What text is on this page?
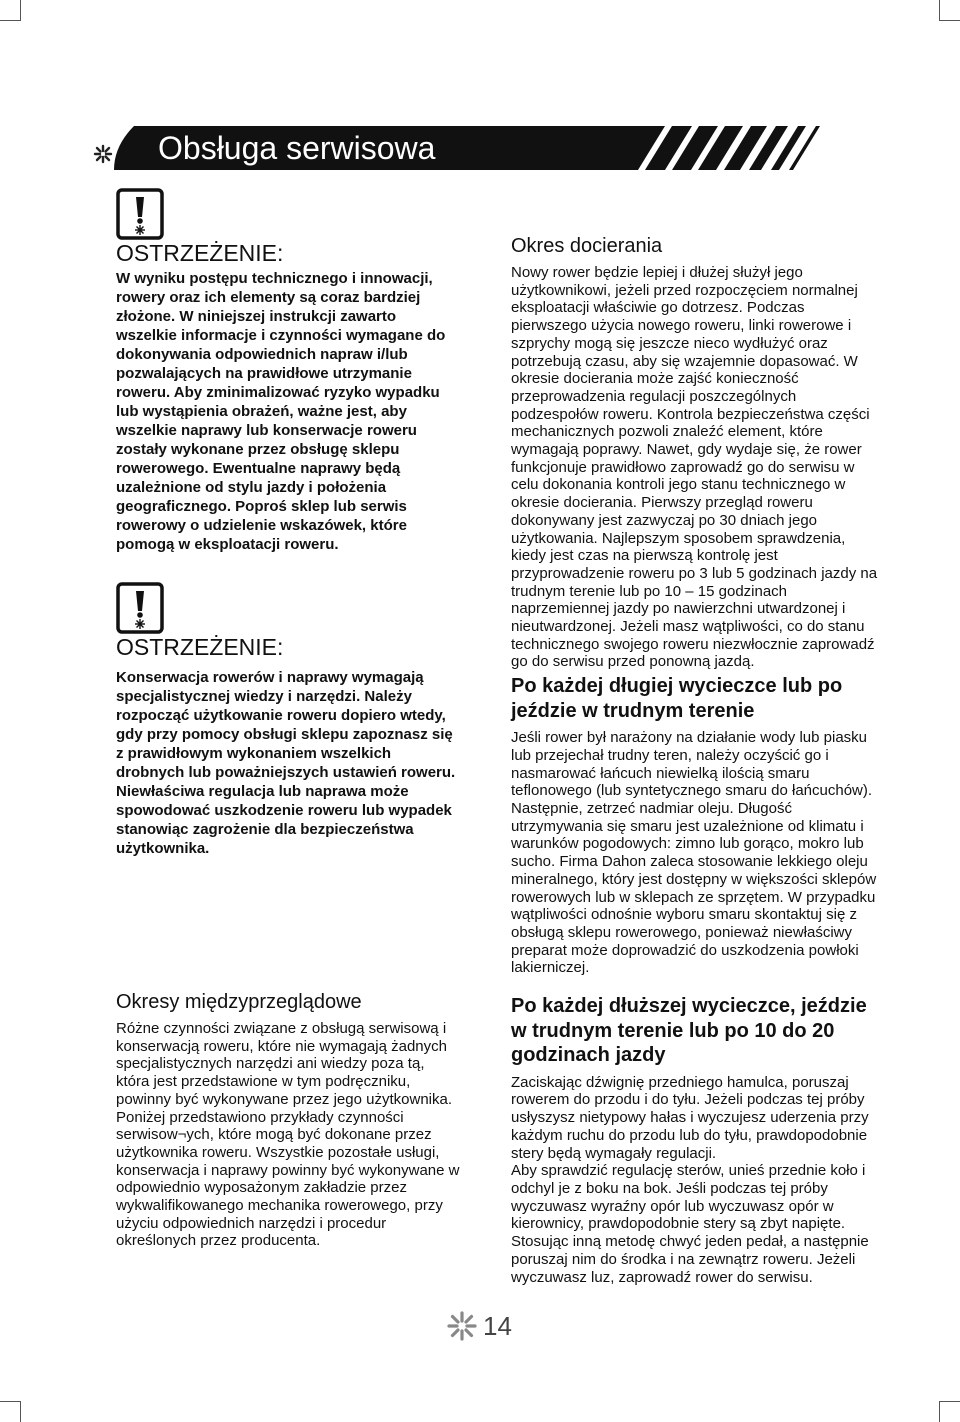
Obsługa serwisowa
OSTRZEŻENIE:

W wyniku postępu technicznego i innowacji, rowery oraz ich elementy są coraz bardziej złożone. W niniejszej instrukcji zawarto wszelkie informacje i czynności wymagane do dokonywania odpowiednich napraw i/lub pozwalających na prawidłowe utrzymanie roweru. Aby zminimalizować ryzyko wypadku lub wystąpienia obrażeń, ważne jest, aby wszelkie naprawy lub konserwacje roweru zostały wykonane przez obsługę sklepu rowerowego. Ewentualne naprawy będą uzależnione od stylu jazdy i położenia geograficznego. Poproś sklep lub serwis rowerowy o udzielenie wskazówek, które pomogą w eksploatacji roweru.

OSTRZEŻENIE:

Konserwacja rowerów i naprawy wymagają specjalistycznej wiedzy i narzędzi. Należy rozpocząć użytkowanie roweru dopiero wtedy, gdy przy pomocy obsługi sklepu zapoznasz się z prawidłowym wykonaniem wszelkich drobnych lub poważniejszych ustawień roweru. Niewłaściwa regulacja lub naprawa może spowodować uszkodzenie roweru lub wypadek stanowiąc zagrożenie dla bezpieczeństwa użytkownika.

Okresy międzyprzeglądowe

Różne czynności związane z obsługą serwisową i konserwacją roweru, które nie wymagają żadnych specjalistycznych narzędzi ani wiedzy poza tą, która jest przedstawione w tym podręczniku, powinny być wykonywane przez jego użytkownika. Poniżej przedstawiono przykłady czynności serwisow¬ych, które mogą być dokonane przez użytkownika roweru. Wszystkie pozostałe usługi, konserwacja i naprawy powinny być wykonywane w odpowiednio wyposażonym zakładzie przez wykwalifikowanego mechanika rowerowego, przy użyciu odpowiednich narzędzi i procedur określonych przez producenta.

Okres docierania

Nowy rower będzie lepiej i dłużej służył jego użytkownikowi, jeżeli przed rozpoczęciem normalnej eksploatacji właściwie go dotrzesz. Podczas pierwszego użycia nowego roweru, linki rowerowe i szprychy mogą się jeszcze nieco wydłużyć oraz potrzebują czasu, aby się wzajemnie dopasować. W okresie docierania może zajść konieczność przeprowadzenia regulacji poszczególnych podzespołów roweru. Kontrola bezpieczeństwa części mechanicznych pozwoli znaleźć element, które wymagają poprawy. Nawet, gdy wydaje się, że rower funkcjonuje prawidłowo zaprowadź go do serwisu w celu dokonania kontroli jego stanu technicznego w okresie docierania. Pierwszy przegląd roweru dokonywany jest zazwyczaj po 30 dniach jego użytkowania. Najlepszym sposobem sprawdzenia, kiedy jest czas na pierwszą kontrolę jest przyprowadzenie roweru po 3 lub 5 godzinach jazdy na trudnym terenie lub po 10 – 15 godzinach naprzemiennej jazdy po nawierzchni utwardzonej i nieutwardzonej. Jeżeli masz wątpliwości, co do stanu technicznego swojego roweru niezwłocznie zaprowadź go do serwisu przed ponowną jazdą.

Po każdej długiej wycieczce lub po jeździe w trudnym terenie

Jeśli rower był narażony na działanie wody lub piasku lub przejechał trudny teren, należy oczyścić go i nasmarować łańcuch niewielką ilością smaru teflonowego (lub syntetycznego smaru do łańcuchów). Następnie, zetrzeć nadmiar oleju. Długość utrzymywania się smaru jest uzależnione od klimatu i warunków pogodowych: zimno lub gorąco, mokro lub sucho. Firma Dahon zaleca stosowanie lekkiego oleju mineralnego, który jest dostępny w większości sklepów rowerowych lub w sklepach ze sprzętem. W przypadku wątpliwości odnośnie wyboru smaru skontaktuj się z obsługą sklepu rowerowego, ponieważ niewłaściwy preparat może doprowadzić do uszkodzenia powłoki lakierniczej.

Po każdej dłuższej wycieczce, jeździe w trudnym terenie lub po 10 do 20 godzinach jazdy

Zaciskając dźwignię przedniego hamulca, poruszaj rowerem do przodu i do tyłu. Jeżeli podczas tej próby usłyszysz nietypowy hałas i wyczujesz uderzenia przy każdym ruchu do przodu lub do tyłu, prawdopodobnie stery będą wymagały regulacji.

Aby sprawdzić regulację sterów, unieś przednie koło i odchyl je z boku na bok. Jeśli podczas tej próby wyczuwasz wyraźny opór lub wyczuwasz opór w kierownicy, prawdopodobnie stery są zbyt napięte. Stosując inną metodę chwyć jeden pedał, a następnie poruszaj nim do środka i na zewnątrz roweru. Jeżeli wyczuwasz luz, zaprowadź rower do serwisu.

14
